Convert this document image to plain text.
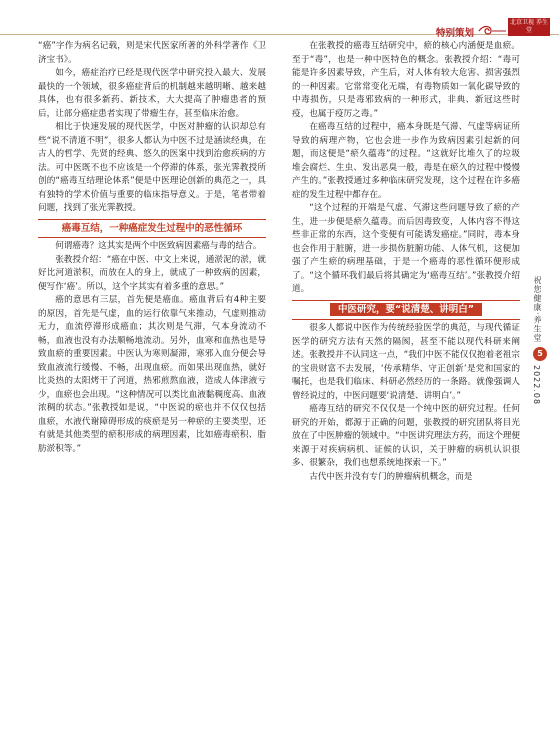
特别策划
北京卫视 养生堂

“癌”字作为病名记载，则是宋代医家所著的外科学著作《卫济宝书》。

如今，癌症治疗已经是现代医学中研究投入最大、发展最快的一个领域，很多癌症背后的机制越来越明晰、越来越具体，也有很多新药、新技术，大大提高了肿瘤患者的预后，让部分癌症患者实现了带瘤生存，甚至临床治愈。

相比于快速发展的现代医学，中医对肿瘤的认识却总有些“说不清道不明”，很多人都认为中医不过是涵读经典，在古人的哲学、先贤的经典、悠久的医案中找到治愈疾病的方法。可中医既不也不应该是一个停滞的体系，张光霁教授所创的“癌毒互结理论体系”便是中医理论创新的典范之一，具有独特的学术价值与重要的临床指导意义。于是，笔者带着问题，找到了张光霁教授。

癌毒互结，一种癌症发生过程中的恶性循环

何谓癌毒？这其实是两个中医致病因素癌与毒的结合。

张教授介绍：“癌在中医、中文上来说，通淤泥的淤，就好比河道淤积，而放在人的身上，就成了一种致病的因素，便写作‘癌’。所以，这个字其实有着多重的意思。”

癌的意思有三层，首先便是癌血。癌血背后有4种主要的原因，首先是气虚，血的运行依靠气来推动，气虚则推动无力，血流停滞形成癌血；其次则是气滞，气本身流动不畅，血液也没有办法顺畅地流动。另外，血寒和血热也是导致血瘀的重要因素。中医认为寒则凝滞，寒邪入血分便会导致血液流行缓慢、不畅，出现血瘀。而如果出现血热，就好比炎热的太阳烤干了河道，热邪煎熬血液，造成人体津液亏少，血瘀也会出现。“这种情况可以类比血液黏稠度高、血液浓稠的状态。”张教授如是说，“中医说的瘀也并不仅仅包括血瘀，水液代谢障碍形成的痰瘀是另一种瘀的主要类型，还有就是其他类型的瘀积形成的病理因素，比如癌毒瘀积、脂肪淤积等。”

在张教授的癌毒互结研究中，瘀的核心内涵便是血瘀。至于“毒”，也是一种中医特色的概念。张教授介绍：“毒可能是许多因素导致，产生后，对人体有较大危害、损害强烈的一种因素。它常常变化无端，有毒物质如一氧化碳导致的中毒损伤，只是毒邪致病的一种形式，非典、新冠这些时疫，也属于疫厉之毒。”

在癌毒互结的过程中，癌本身既是气滞、气虚等病证所导致的病理产物，它也会进一步作为致病因素引起新的问题，而这便是“瘀久蕴毒”的过程。“这就好比堆久了的垃圾堆会腐烂、生虫、发出恶臭一般，毒是在瘀久的过程中慢慢产生的。”张教授通过多种临床研究发现，这个过程在许多癌症的发生过程中都存在。

“这个过程的开端是气虚、气滞这些问题导致了瘀的产生，进一步便是瘀久蕴毒。而后因毒致变，人体内容不得这些非正常的东西，这个变便有可能诱发癌症。”同时，毒本身也会作用于脏腑，进一步损伤脏腑功能、人体气机，这便加强了产生瘀的病理基础，于是一个癌毒的恶性循环便形成了。“这个循环我们最后将其确定为‘癌毒互结’。”张教授介绍道。

中医研究，要“说清楚、讲明白”

很多人都说中医作为传统经验医学的典范，与现代循证医学的研究方法有天然的隔阂，甚至不能以现代科研来阐述。张教授并不认同这一点，“我们中医不能仅仅抱着老祖宗的宝贵财富不去发展，‘传承精华、守正创新’是党和国家的嘱托，也是我们临床、科研必然经历的一条路。就像强调人曾经说过的，中医问题要‘说清楚、讲明白’。”

癌毒互结的研究不仅仅是一个纯中医的研究过程。任何研究的开始，都源于正确的问题，张教授的研究团队将目光放在了中医肿瘤的领域中。“中医讲究理法方药，而这个理便来源于对疾病病机、证候的认识，关于肿瘤的病机认识很多、很繁杂，我们也想系统地探索一下。”

古代中医并没有专门的肿瘤病机概念，而是

祝您健康·养生堂
5
2022.08
